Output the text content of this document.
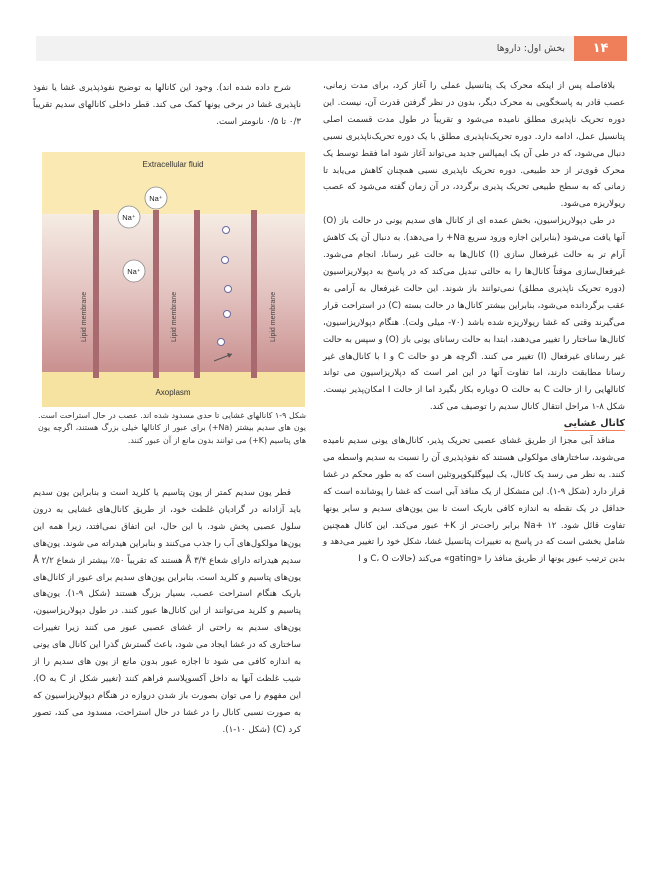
۱۴
بخش اول: داروها

بلافاصله پس از اینکه محرک یک پتانسیل عملی را آغاز کرد، برای مدت زمانی، عصب قادر به پاسخگویی به محرک دیگر، بدون در نظر گرفتن قدرت آن، نیست. این دوره تحریک ناپذیری مطلق نامیده می‌شود و تقریباً در طول مدت قسمت اصلی پتانسیل عمل، ادامه دارد. دوره تحریک‌ناپذیری مطلق با یک دوره تحریک‌ناپذیری نسبی دنبال می‌شود، که در طی آن یک ایمپالس جدید می‌تواند آغاز شود اما فقط توسط یک محرک قوی‌تر از حد طبیعی. دوره تحریک ناپذیری نسبی همچنان کاهش می‌یابد تا زمانی که به سطح طبیعی تحریک پذیری برگردد، در آن زمان گفته می‌شود که عصب ریولاریزه می‌شود.

در طی دپولاریزاسیون، بخش عمده ای از کانال های سدیم یونی در حالت باز (O) آنها یافت می‌شود (بنابراین اجازه ورود سریع Na+ را می‌دهد). به دنبال آن یک کاهش آرام تر به حالت غیرفعال سازی (I) کانال‌ها به حالت غیر رسانا، انجام می‌شود. غیرفعال‌سازی موقتاً کانال‌ها را به حالتی تبدیل می‌کند که در پاسخ به دپولاریزاسیون (دوره تحریک ناپذیری مطلق) نمی‌توانند باز شوند. این حالت غیرفعال به آرامی به عقب برگردانده می‌شود، بنابراین بیشتر کانال‌ها در حالت بسته (C) در استراحت قرار می‌گیرند وقتی که غشا ریولاریزه شده باشد (۷۰- میلی ولت). هنگام دپولاریزاسیون، کانال‌ها ساختار را تغییر می‌دهند، ابتدا به حالت رسانای یونی باز (O) و سپس به حالت غیر رسانای غیرفعال (I) تغییر می کنند. اگرچه هر دو حالت C و I با کانال‌های غیر رسانا مطابقت دارند، اما تفاوت آنها در این امر است که دپلاریزاسیون می تواند کانالهایی را از حالت C به حالت O دوباره بکار بگیرد اما از حالت I امکان‌پذیر نیست. شکل ۸-۱ مراحل انتقال کانال سدیم را توصیف می کند.

کانال غشایی

مناقذ آبی مجزا از طریق غشای عصبی تحریک پذیر، کانال‌های یونی سدیم نامیده می‌شوند، ساختارهای مولکولی هستند که نفوذپذیری آن را نسبت به سدیم واسطه می کنند. به نظر می رسد یک کانال، یک لیپوگلیکوپروتئین است که به طور محکم در غشا قرار دارد (شکل ۹-۱). این متشکل از یک منافذ آبی است که غشا را پوشانده است که حداقل در یک نقطه به اندازه کافی باریک است تا بین یون‌های سدیم و سایر یونها تفاوت قائل شود. Na+ ۱۲ برابر راحت‌تر از K+ عبور می‌کند. این کانال همچنین شامل بخشی است که در پاسخ به تغییرات پتانسیل غشا، شکل خود را تغییر می‌دهد و بدین ترتیب عبور یونها از طریق منافذ را «gating» می‌کند (حالات C، O و I

شرح داده شده اند). وجود این کانالها به توضیح نفوذپذیری غشا یا نفوذ ناپذیری غشا در برخی یونها کمک می کند. قطر داخلی کانالهای سدیم تقریباً ۰/۳ تا ۰/۵ نانومتر است.

Extracellular fluid
Axoplasm
Lipid membrane	Lipid membrane	Lipid membrane
Na⁺
Na⁺
Na⁺
شکل ۹-۱ کانالهای غشایی تا حدی مسدود شده اند. عصب در حال استراحت است. یون های سدیم بیشتر (Na+) برای عبور از کانالها خیلی بزرگ هستند، اگرچه یون های پتاسیم (K+) می توانند بدون مانع از آن عبور کنند.

قطر یون سدیم کمتر از یون پتاسیم یا کلرید است و بنابراین یون سدیم باید آزادانه در گرادیان غلظت خود، از طریق کانال‌های غشایی به درون سلول عصبی پخش شود. با این حال، این اتفاق نمی‌افتد، زیرا همه این یون‌ها مولکول‌های آب را جذب می‌کنند و بنابراین هیدراته می شوند. یون‌های سدیم هیدراته دارای شعاع Å ۳/۴ هستند که تقریباً ۵۰٪ بیشتر از شعاع Å ۲/۲ یون‌های پتاسیم و کلرید است. بنابراین یون‌های سدیم برای عبور از کانال‌های باریک هنگام استراحت عصب، بسیار بزرگ هستند (شکل ۹-۱). یون‌های پتاسیم و کلرید می‌توانند از این کانال‌ها عبور کنند. در طول دپولاریزاسیون، یون‌های سدیم به راحتی از غشای عصبی عبور می کنند زیرا تغییرات ساختاری که در غشا ایجاد می شود، باعث گسترش گذرا این کانال های یونی به اندازه کافی می شود تا اجازه عبور بدون مانع از یون های سدیم را از شیب غلظت آنها به داخل آکسوپلاسم فراهم کنند (تغییر شکل از C به O). این مفهوم را می توان بصورت باز شدن دروازه در هنگام دپولاریزاسیون که به صورت نسبی کانال را در غشا در حال استراحت، مسدود می کند، تصور کرد (C) (شکل ۱۰-۱).
